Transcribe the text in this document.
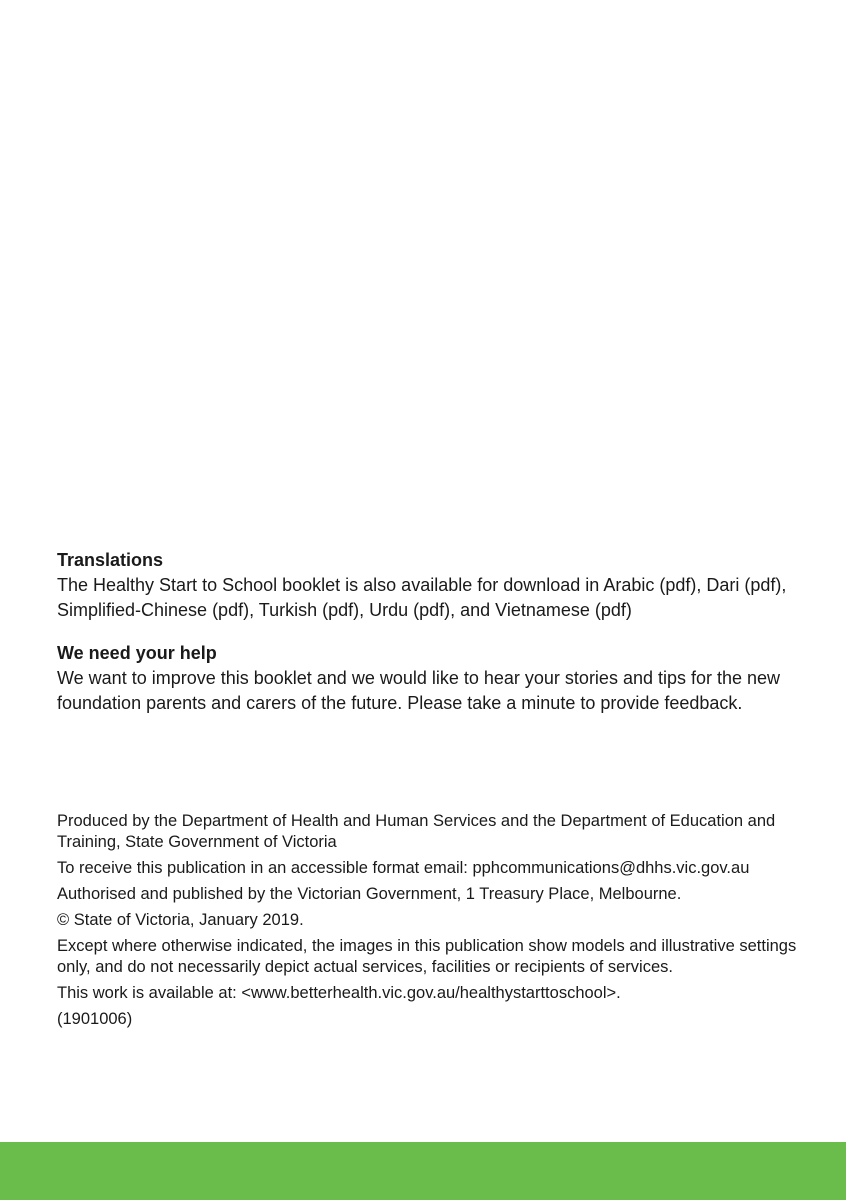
Translations

The Healthy Start to School booklet is also available for download in Arabic (pdf), Dari (pdf), Simplified-Chinese (pdf), Turkish (pdf), Urdu (pdf), and Vietnamese (pdf)

We need your help

We want to improve this booklet and we would like to hear your stories and tips for the new foundation parents and carers of the future. Please take a minute to provide feedback.

Produced by the Department of Health and Human Services and the Department of Education and Training, State Government of Victoria

To receive this publication in an accessible format email: pphcommunications@dhhs.vic.gov.au

Authorised and published by the Victorian Government, 1 Treasury Place, Melbourne.

© State of Victoria, January 2019.

Except where otherwise indicated, the images in this publication show models and illustrative settings only, and do not necessarily depict actual services, facilities or recipients of services.

This work is available at: <www.betterhealth.vic.gov.au/healthystarttoschool>.

(1901006)
